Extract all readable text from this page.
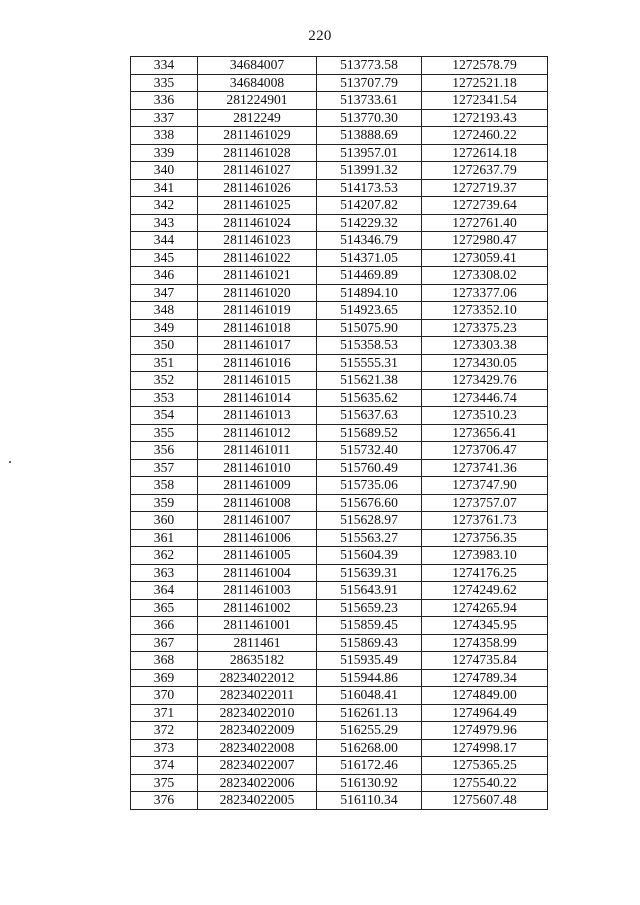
220
334	34684007	513773.58	1272578.79
335	34684008	513707.79	1272521.18
336	281224901	513733.61	1272341.54
337	2812249	513770.30	1272193.43
338	2811461029	513888.69	1272460.22
339	2811461028	513957.01	1272614.18
340	2811461027	513991.32	1272637.79
341	2811461026	514173.53	1272719.37
342	2811461025	514207.82	1272739.64
343	2811461024	514229.32	1272761.40
344	2811461023	514346.79	1272980.47
345	2811461022	514371.05	1273059.41
346	2811461021	514469.89	1273308.02
347	2811461020	514894.10	1273377.06
348	2811461019	514923.65	1273352.10
349	2811461018	515075.90	1273375.23
350	2811461017	515358.53	1273303.38
351	2811461016	515555.31	1273430.05
352	2811461015	515621.38	1273429.76
353	2811461014	515635.62	1273446.74
354	2811461013	515637.63	1273510.23
355	2811461012	515689.52	1273656.41
356	2811461011	515732.40	1273706.47
357	2811461010	515760.49	1273741.36
358	2811461009	515735.06	1273747.90
359	2811461008	515676.60	1273757.07
360	2811461007	515628.97	1273761.73
361	2811461006	515563.27	1273756.35
362	2811461005	515604.39	1273983.10
363	2811461004	515639.31	1274176.25
364	2811461003	515643.91	1274249.62
365	2811461002	515659.23	1274265.94
366	2811461001	515859.45	1274345.95
367	2811461	515869.43	1274358.99
368	28635182	515935.49	1274735.84
369	28234022012	515944.86	1274789.34
370	28234022011	516048.41	1274849.00
371	28234022010	516261.13	1274964.49
372	28234022009	516255.29	1274979.96
373	28234022008	516268.00	1274998.17
374	28234022007	516172.46	1275365.25
375	28234022006	516130.92	1275540.22
376	28234022005	516110.34	1275607.48
